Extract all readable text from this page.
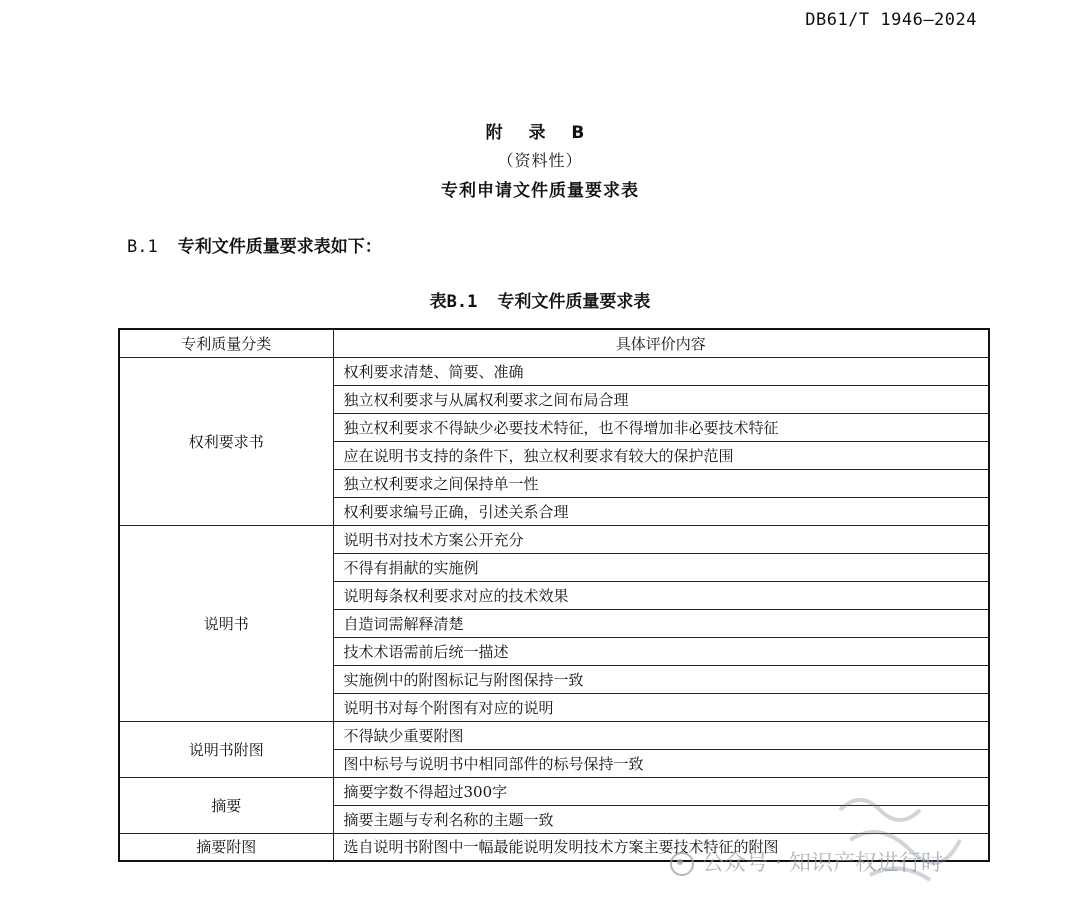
DB61/T 1946—2024
附 录 B
（资料性）
专利申请文件质量要求表
B.1 专利文件质量要求表如下：
表B.1 专利文件质量要求表
专利质量分类	具体评价内容
权利要求书	权利要求清楚、简要、准确
	独立权利要求与从属权利要求之间布局合理
	独立权利要求不得缺少必要技术特征，也不得增加非必要技术特征
	应在说明书支持的条件下，独立权利要求有较大的保护范围
	独立权利要求之间保持单一性
	权利要求编号正确，引述关系合理
说明书	说明书对技术方案公开充分
	不得有捐献的实施例
	说明每条权利要求对应的技术效果
	自造词需解释清楚
	技术术语需前后统一描述
	实施例中的附图标记与附图保持一致
	说明书对每个附图有对应的说明
说明书附图	不得缺少重要附图
	图中标号与说明书中相同部件的标号保持一致
摘要	摘要字数不得超过300字
	摘要主题与专利名称的主题一致
摘要附图	选自说明书附图中一幅最能说明发明技术方案主要技术特征的附图
公众号 · 知识产权进行时
